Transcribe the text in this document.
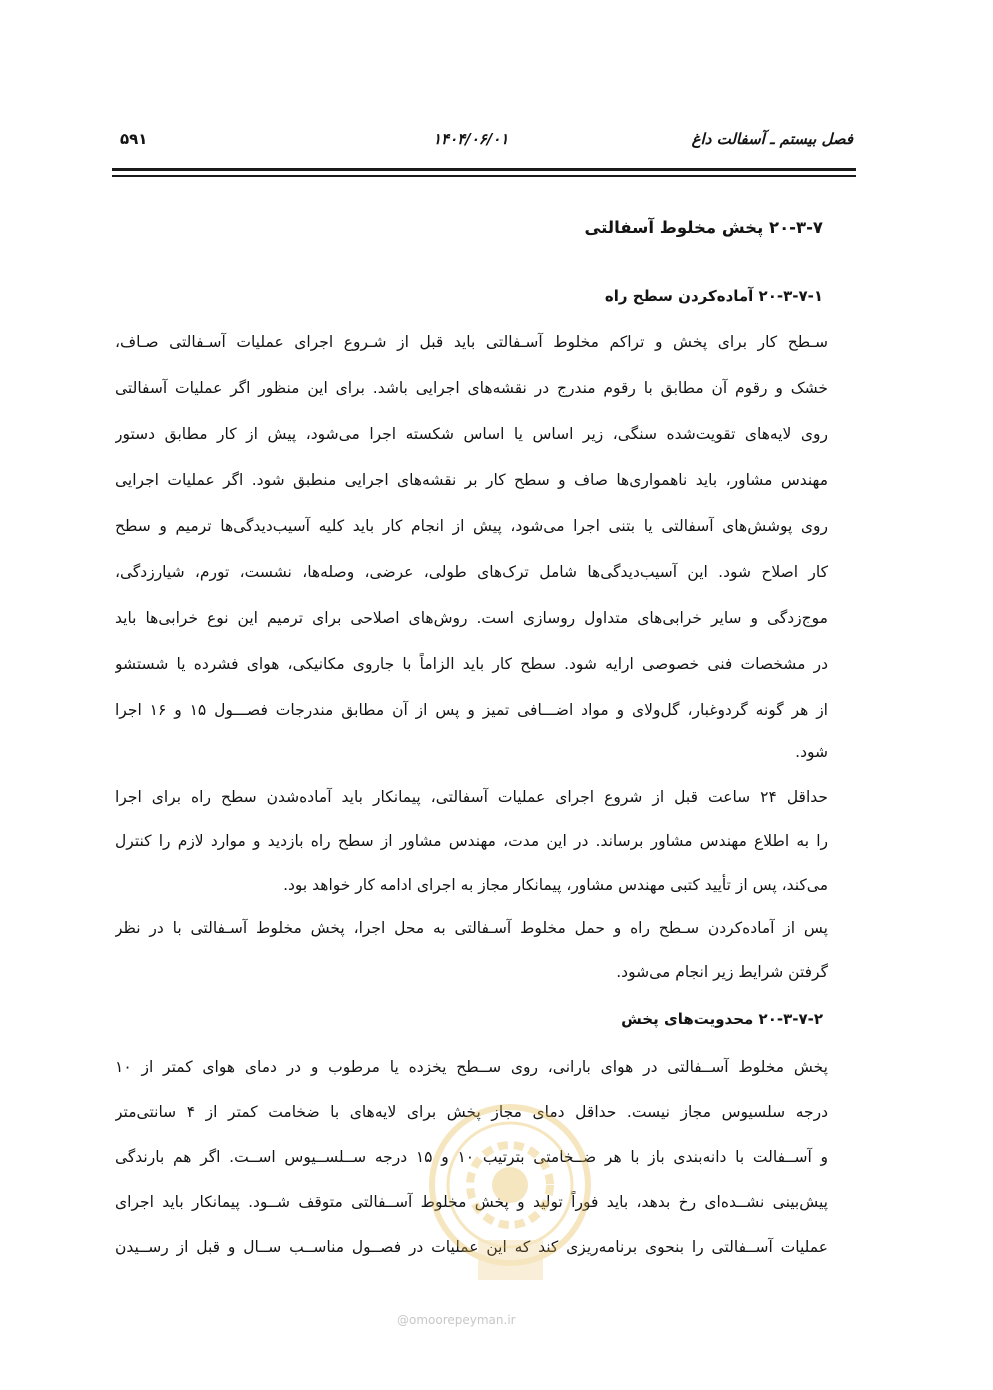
فصل بیستم ـ آسفالت داغ
۱۴۰۴/۰۶/۰۱
۵۹۱
۲۰-۳-۷ پخش مخلوط آسفالتی
۲۰-۳-۷-۱ آماده‌کردن سطح راه
سـطح کار برای پخش و تراکم مخلوط آسـفالتی باید قبل از شـروع اجرای عملیات آسـفالتی صـاف،
خشک و رقوم آن مطابق با رقوم مندرج در نقشه‌های اجرایی باشد. برای این منظور اگر عملیات آسفالتی
روی لایه‌های تقویت‌شده سنگی، زیر اساس یا اساس شکسته اجرا می‌شود، پیش از کار مطابق دستور
مهندس مشاور، باید ناهمواری‌ها صاف و سطح کار بر نقشه‌های اجرایی منطبق شود. اگر عملیات اجرایی
روی پوشش‌های آسفالتی یا بتنی اجرا می‌شود، پیش از انجام کار باید کلیه آسیب‌دیدگی‌ها ترمیم و سطح
کار اصلاح شود. این آسیب‌دیدگی‌ها شامل ترک‌های طولی، عرضی، وصله‌ها، نشست، تورم، شیارزدگی،
موج‌زدگی و سایر خرابی‌های متداول روسازی است. روش‌های اصلاحی برای ترمیم این نوع خرابی‌ها باید
در مشخصات فنی خصوصی ارایه شود. سطح کار باید الزاماً با جاروی مکانیکی، هوای فشرده یا شستشو
از هر گونه گردوغبار، گل‌ولای و مواد اضـــافی تمیز و پس از آن مطابق مندرجات فصـــول ۱۵ و ۱۶ اجرا
شود.
حداقل ۲۴ ساعت قبل از شروع اجرای عملیات آسفالتی، پیمانکار باید آماده‌شدن سطح راه برای اجرا
را به اطلاع مهندس مشاور برساند. در این مدت، مهندس مشاور از سطح راه بازدید و موارد لازم را کنترل
می‌کند، پس از تأیید کتبی مهندس مشاور، پیمانکار مجاز به اجرای ادامه کار خواهد بود.
پس از آماده‌کردن سـطح راه و حمل مخلوط آسـفالتی به محل اجرا، پخش مخلوط آسـفالتی با در نظر
گرفتن شرایط زیر انجام می‌شود.
۲۰-۳-۷-۲ محدویت‌های پخش
پخش مخلوط آســفالتی در هوای بارانی، روی ســطح یخزده یا مرطوب و در دمای هوای کمتر از ۱۰
درجه سلسیوس مجاز نیست. حداقل دمای مجاز پخش برای لایه‌های با ضخامت کمتر از ۴ سانتی‌متر
و آســفالت با دانه‌بندی باز با هر ضــخامتی بترتیب ۱۰ و ۱۵ درجه ســلســیوس اســت. اگر هم بارندگی
پیش‌بینی نشــده‌ای رخ بدهد، باید فوراً تولید و پخش مخلوط آســفالتی متوقف شــود. پیمانکار باید اجرای
عملیات آســفالتی را بنحوی برنامه‌ریزی کند که این عملیات در فصــول مناســب ســال و قبل از رســیدن
@omoorepeyman.ir
